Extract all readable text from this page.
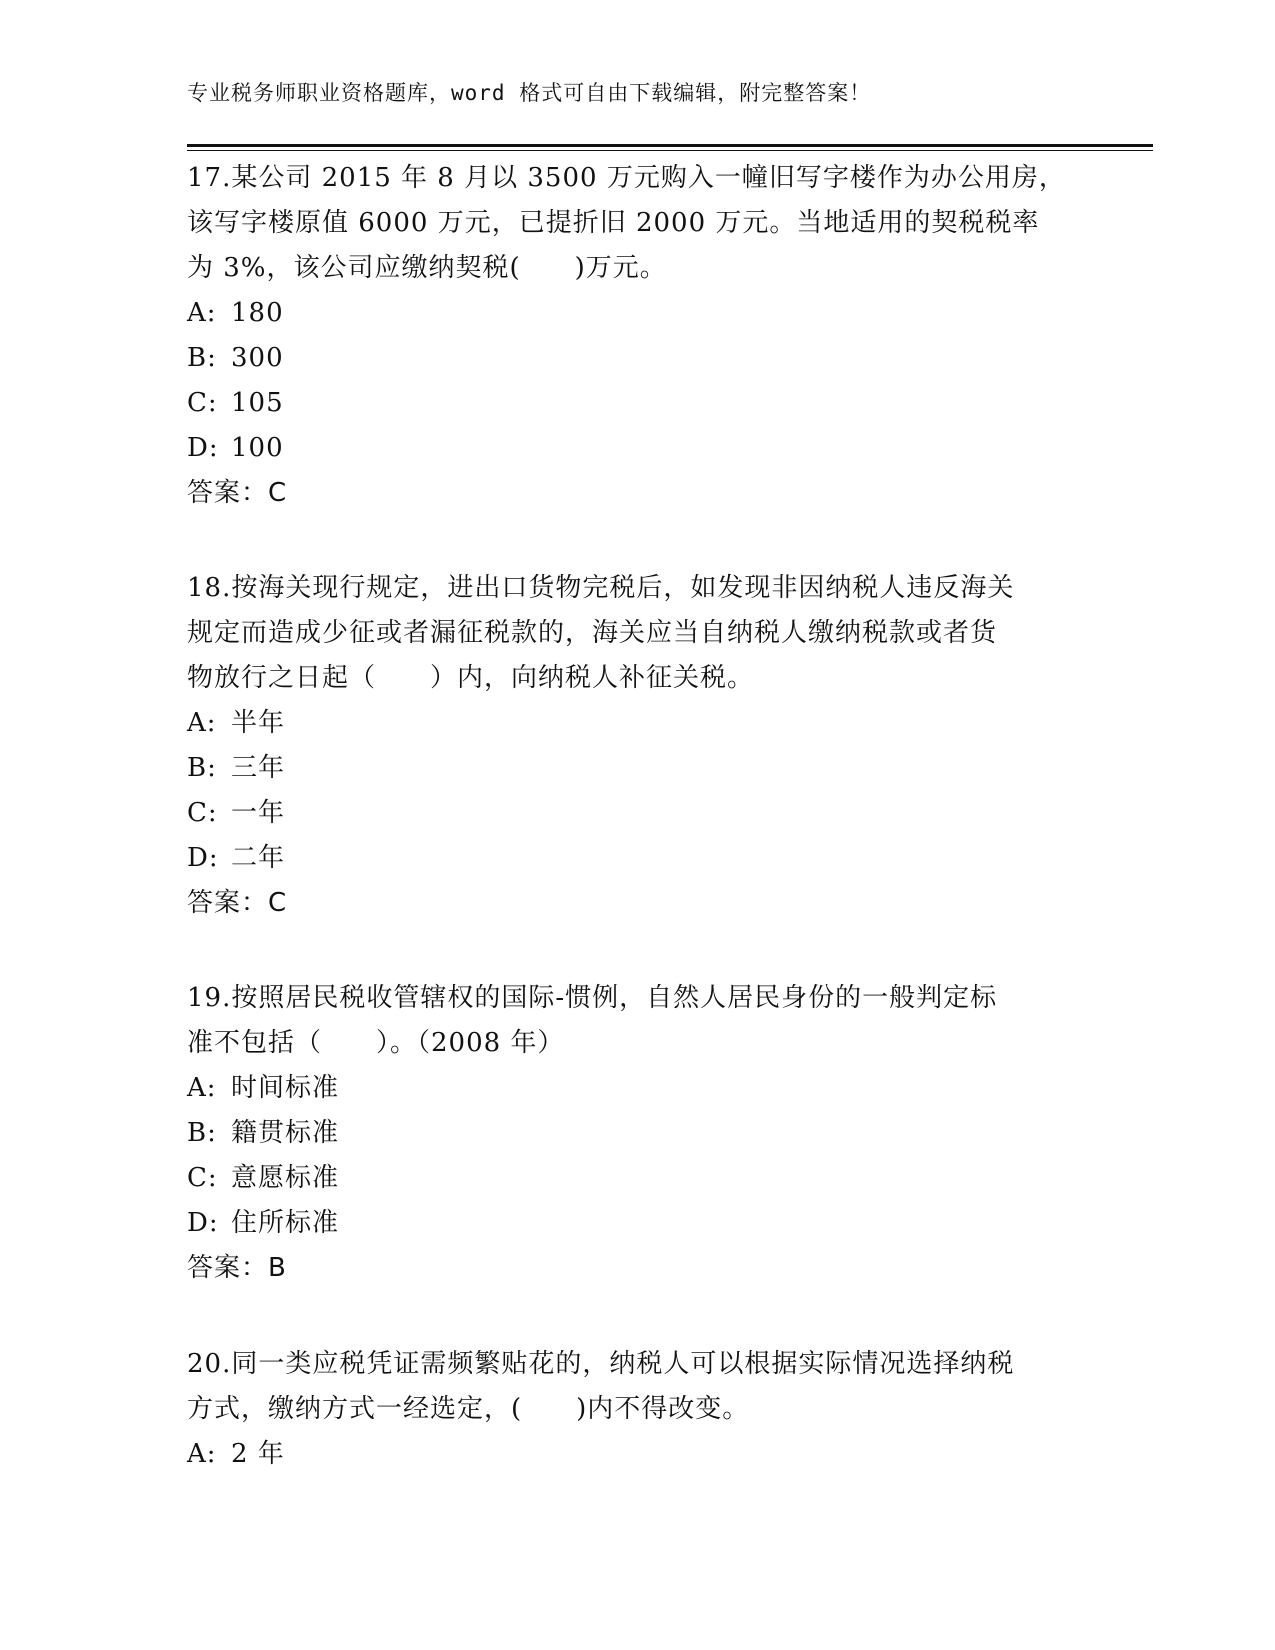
专业税务师职业资格题库，word 格式可自由下载编辑，附完整答案！
17.某公司 2015 年 8 月以 3500 万元购入一幢旧写字楼作为办公用房，
该写字楼原值 6000 万元，已提折旧 2000 万元。当地适用的契税税率
为 3%，该公司应缴纳契税(　　)万元。
A: 180
B: 300
C: 105
D: 100
答案：C
18.按海关现行规定，进出口货物完税后，如发现非因纳税人违反海关
规定而造成少征或者漏征税款的，海关应当自纳税人缴纳税款或者货
物放行之日起（　　）内，向纳税人补征关税。
A: 半年
B: 三年
C: 一年
D: 二年
答案：C
19.按照居民税收管辖权的国际-惯例，自然人居民身份的一般判定标
准不包括（　　）。（2008 年）
A: 时间标准
B: 籍贯标准
C: 意愿标准
D: 住所标准
答案：B
20.同一类应税凭证需频繁贴花的，纳税人可以根据实际情况选择纳税
方式，缴纳方式一经选定，(　　)内不得改变。
A: 2 年
